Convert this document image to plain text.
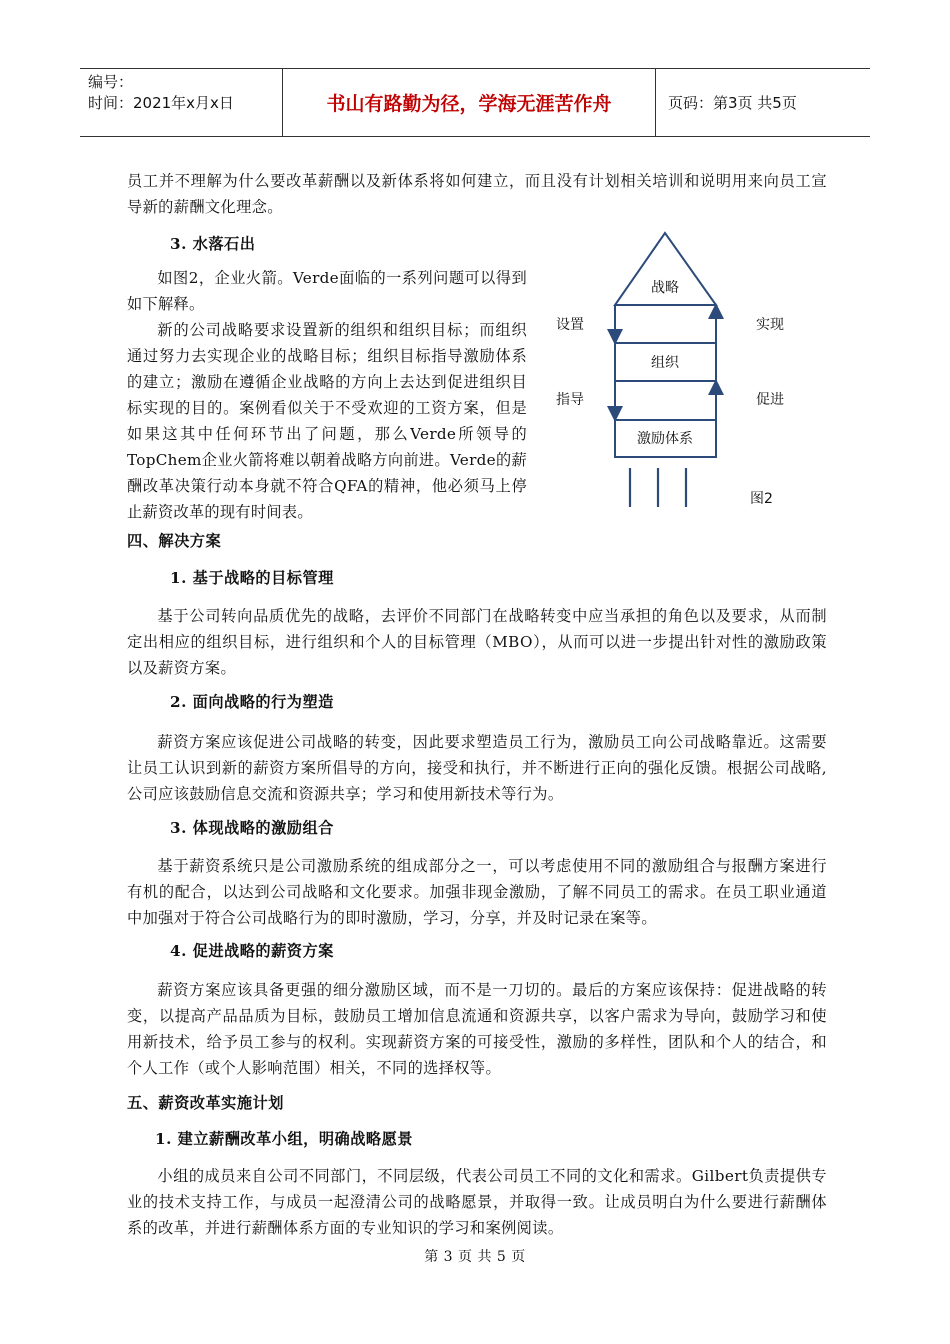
编号：
时间：2021年x月x日	书山有路勤为径，学海无涯苦作舟	页码：第3页 共5页

员工并不理解为什么要改革薪酬以及新体系将如何建立，而且没有计划相关培训和说明用来向员工宣导新的薪酬文化理念。

3. 水落石出

如图2，企业火箭。Verde面临的一系列问题可以得到如下解释。

新的公司战略要求设置新的组织和组织目标；而组织通过努力去实现企业的战略目标；组织目标指导激励体系的建立；激励在遵循企业战略的方向上去达到促进组织目标实现的目的。案例看似关于不受欢迎的工资方案，但是如果这其中任何环节出了问题，那么Verde所领导的TopChem企业火箭将难以朝着战略方向前进。Verde的薪酬改革决策行动本身就不符合QFA的精神，他必须马上停止薪资改革的现有时间表。

战略
组织
激励体系
设置
指导
实现
促进
图2
四、解决方案
1. 基于战略的目标管理

基于公司转向品质优先的战略，去评价不同部门在战略转变中应当承担的角色以及要求，从而制定出相应的组织目标，进行组织和个人的目标管理（MBO），从而可以进一步提出针对性的激励政策以及薪资方案。

2. 面向战略的行为塑造

薪资方案应该促进公司战略的转变，因此要求塑造员工行为，激励员工向公司战略靠近。这需要让员工认识到新的薪资方案所倡导的方向，接受和执行，并不断进行正向的强化反馈。根据公司战略,公司应该鼓励信息交流和资源共享；学习和使用新技术等行为。

3. 体现战略的激励组合

基于薪资系统只是公司激励系统的组成部分之一，可以考虑使用不同的激励组合与报酬方案进行有机的配合，以达到公司战略和文化要求。加强非现金激励，了解不同员工的需求。在员工职业通道中加强对于符合公司战略行为的即时激励，学习，分享，并及时记录在案等。

4. 促进战略的薪资方案

薪资方案应该具备更强的细分激励区域，而不是一刀切的。最后的方案应该保持：促进战略的转变，以提高产品品质为目标，鼓励员工增加信息流通和资源共享，以客户需求为导向，鼓励学习和使用新技术，给予员工参与的权利。实现薪资方案的可接受性，激励的多样性，团队和个人的结合，和个人工作（或个人影响范围）相关，不同的选择权等。

五、薪资改革实施计划
1. 建立薪酬改革小组，明确战略愿景

小组的成员来自公司不同部门，不同层级，代表公司员工不同的文化和需求。Gilbert负责提供专业的技术支持工作，与成员一起澄清公司的战略愿景，并取得一致。让成员明白为什么要进行薪酬体系的改革，并进行薪酬体系方面的专业知识的学习和案例阅读。

第 3 页 共 5 页
